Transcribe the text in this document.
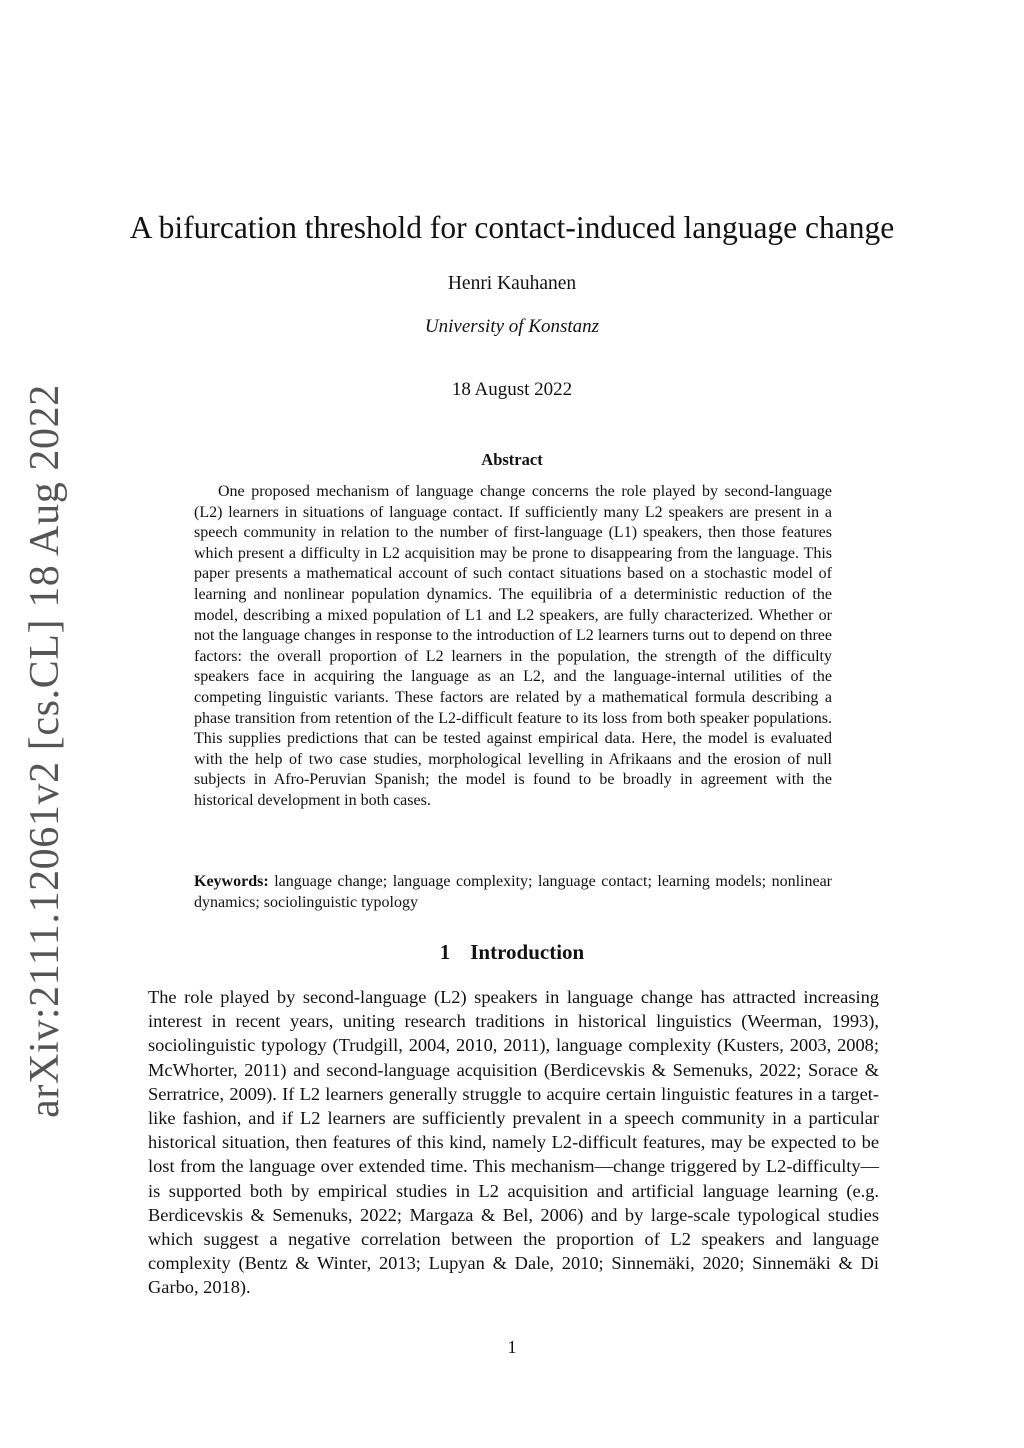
arXiv:2111.12061v2 [cs.CL] 18 Aug 2022
A bifurcation threshold for contact-induced language change
Henri Kauhanen
University of Konstanz
18 August 2022
Abstract

One proposed mechanism of language change concerns the role played by second-language (L2) learners in situations of language contact. If sufficiently many L2 speakers are present in a speech community in relation to the number of first-language (L1) speakers, then those features which present a difficulty in L2 acquisition may be prone to disappearing from the language. This paper presents a mathematical account of such contact situations based on a stochastic model of learning and nonlinear population dynamics. The equilibria of a deterministic reduction of the model, describing a mixed population of L1 and L2 speakers, are fully characterized. Whether or not the language changes in response to the introduction of L2 learners turns out to depend on three factors: the overall proportion of L2 learners in the population, the strength of the difficulty speakers face in acquiring the language as an L2, and the language-internal utilities of the competing linguistic variants. These factors are related by a mathematical formula describing a phase transition from retention of the L2-difficult feature to its loss from both speaker populations. This supplies predictions that can be tested against empirical data. Here, the model is evaluated with the help of two case studies, morphological levelling in Afrikaans and the erosion of null subjects in Afro-Peruvian Spanish; the model is found to be broadly in agreement with the historical development in both cases.

Keywords: language change; language complexity; language contact; learning models; nonlinear dynamics; sociolinguistic typology

1 Introduction

The role played by second-language (L2) speakers in language change has attracted increasing interest in recent years, uniting research traditions in historical linguistics (Weerman, 1993), sociolinguistic typology (Trudgill, 2004, 2010, 2011), language complexity (Kusters, 2003, 2008; McWhorter, 2011) and second-language acquisition (Berdicevskis & Semenuks, 2022; Sorace & Serratrice, 2009). If L2 learners generally struggle to acquire certain linguistic features in a target-like fashion, and if L2 learners are sufficiently prevalent in a speech community in a particular historical situation, then features of this kind, namely L2-difficult features, may be expected to be lost from the language over extended time. This mechanism—change triggered by L2-difficulty—is supported both by empirical studies in L2 acquisition and artificial language learning (e.g. Berdicevskis & Semenuks, 2022; Margaza & Bel, 2006) and by large-scale typological studies which suggest a negative correlation between the proportion of L2 speakers and language complexity (Bentz & Winter, 2013; Lupyan & Dale, 2010; Sinnemäki, 2020; Sinnemäki & Di Garbo, 2018).

1
